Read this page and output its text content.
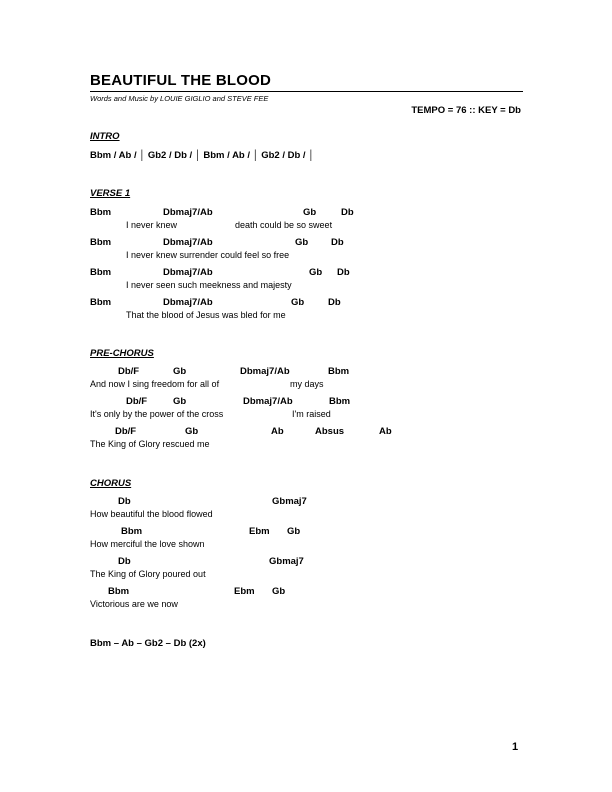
BEAUTIFUL THE BLOOD
Words and Music by LOUIE GIGLIO and STEVE FEE
TEMPO = 76 :: KEY = Db
INTRO
Bbm / Ab / │ Gb2 / Db / │ Bbm / Ab / │ Gb2 / Db / │
VERSE 1
Bbm	Dbmaj7/Ab	Gb	Db
I never knew	death could be so sweet
Bbm	Dbmaj7/Ab	Gb Db
I never knew surrender could feel so free
Bbm	Dbmaj7/Ab	Gb Db
I never seen such meekness and majesty
Bbm	Dbmaj7/Ab	Gb	Db
That the blood of Jesus was bled for me
PRE-CHORUS
Db/F	Gb	Dbmaj7/Ab	Bbm
And now I sing freedom for all of	my days
Db/F	Gb	Dbmaj7/Ab	Bbm
It's only by the power of the cross	I'm raised
Db/F	Gb	Ab	Absus	Ab
The King of Glory rescued me
CHORUS
Db	Gbmaj7
How beautiful the blood flowed
Bbm	Ebm Gb
How merciful the love shown
Db	Gbmaj7
The King of Glory poured out
Bbm	Ebm Gb
Victorious are we now
Bbm – Ab – Gb2 – Db (2x)
1
